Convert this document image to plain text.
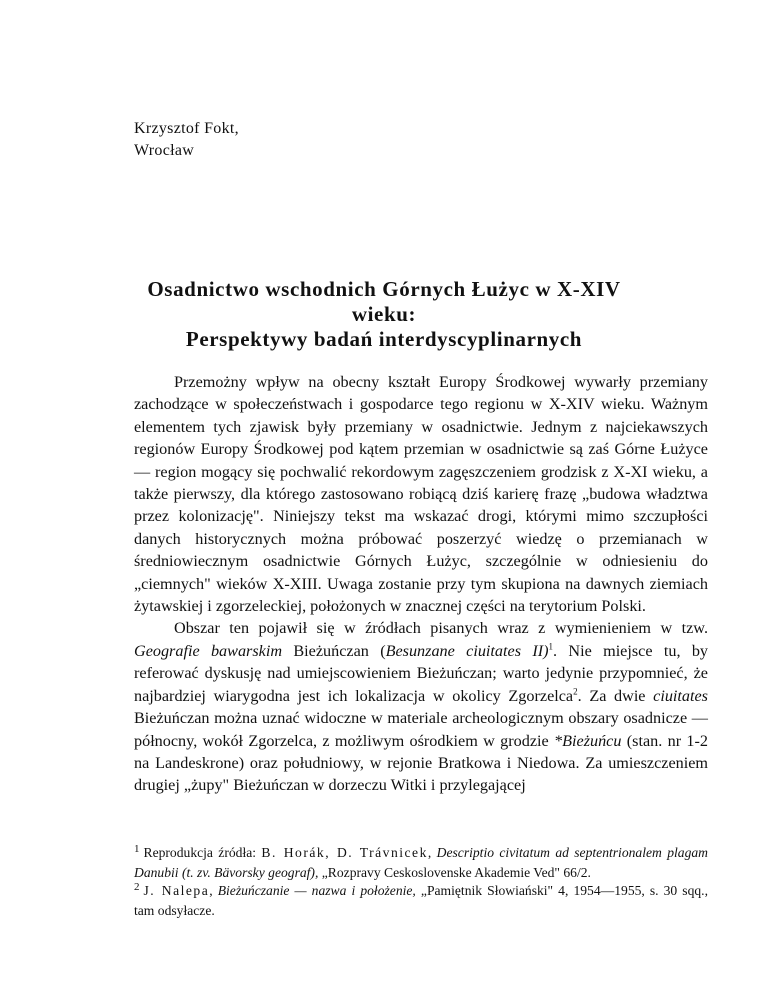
Krzysztof Fokt,
Wrocław
Osadnictwo wschodnich Górnych Łużyc w X-XIV
wieku:
Perspektywy badań interdyscyplinarnych

Przemożny wpływ na obecny kształt Europy Środkowej wywarły przemiany zachodzące w społeczeństwach i gospodarce tego regionu w X-XIV wieku. Ważnym elementem tych zjawisk były przemiany w osadnictwie. Jednym z najciekawszych regionów Europy Środkowej pod kątem przemian w osadnictwie są zaś Górne Łużyce — region mogący się pochwalić rekordowym zagęszczeniem grodzisk z X-XI wieku, a także pierwszy, dla którego zastosowano robiącą dziś karierę frazę „budowa władztwa przez kolonizację". Niniejszy tekst ma wskazać drogi, którymi mimo szczupłości danych historycznych można próbować poszerzyć wiedzę o przemianach w średniowiecznym osadnictwie Górnych Łużyc, szczególnie w odniesieniu do „ciemnych" wieków X-XIII. Uwaga zostanie przy tym skupiona na dawnych ziemiach żytawskiej i zgorzeleckiej, położonych w znacznej części na terytorium Polski.

Obszar ten pojawił się w źródłach pisanych wraz z wymienieniem w tzw. Geografie bawarskim Bieżuńczan (Besunzane ciuitates II)$^1$. Nie miejsce tu, by referować dyskusję nad umiejscowieniem Bieżuńczan; warto jedynie przypomnieć, że najbardziej wiarygodna jest ich lokalizacja w okolicy Zgorzelca$^2$. Za dwie ciuitates Bieżuńczan można uznać widoczne w materiale archeologicznym obszary osadnicze — północny, wokół Zgorzelca, z możliwym ośrodkiem w grodzie *Bieżuńcu (stan. nr 1-2 na Landeskrone) oraz południowy, w rejonie Bratkowa i Niedowa. Za umieszczeniem drugiej „żupy" Bieżuńczan w dorzeczu Witki i przylegającej

$^1$ Reprodukcja źródła: B. Horák, D. Trávnicek, Descriptio civitatum ad septentrionalem plagam Danubii (t. zv. Bävorsky geograf), „Rozpravy Ceskoslovenske Akademie Ved" 66/2.

$^2$ J. Nalepa, Bieżuńczanie — nazwa i położenie, „Pamiętnik Słowiański" 4, 1954—1955, s. 30 sqq., tam odsyłacze.
